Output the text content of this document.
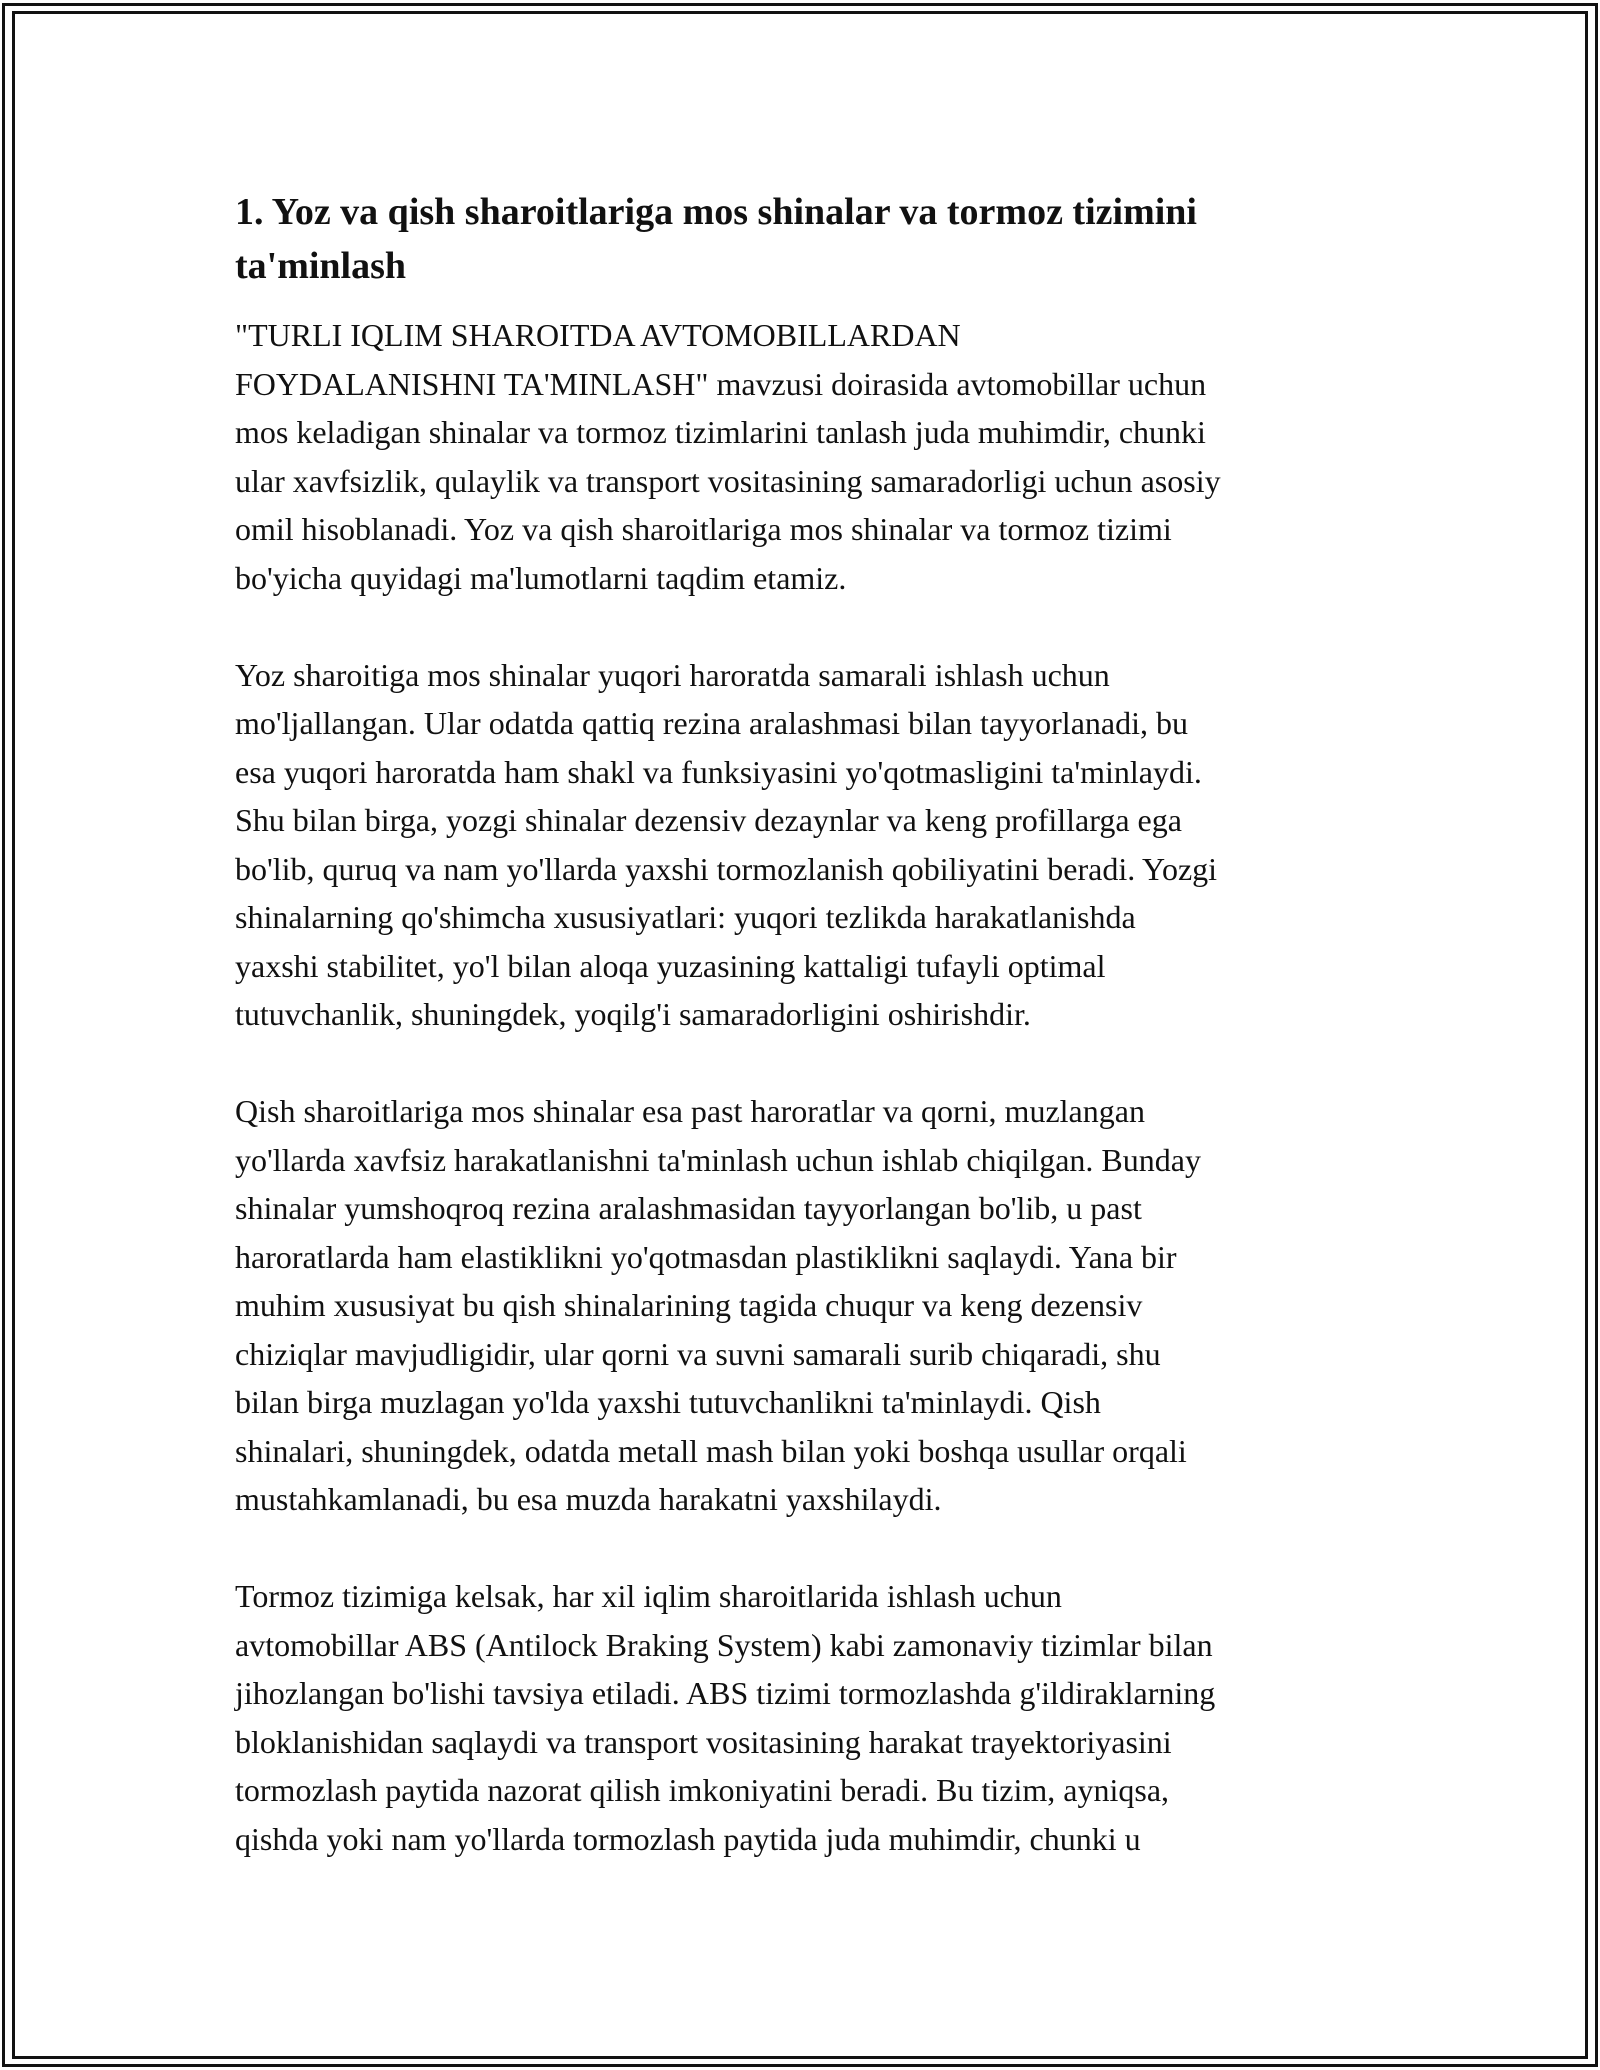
1. Yoz va qish sharoitlariga mos shinalar va tormoz tizimini
ta'minlash
"TURLI IQLIM SHAROITDA AVTOMOBILLARDAN
FOYDALANISHNI TA'MINLASH" mavzusi doirasida avtomobillar uchun
mos keladigan shinalar va tormoz tizimlarini tanlash juda muhimdir, chunki
ular xavfsizlik, qulaylik va transport vositasining samaradorligi uchun asosiy
omil hisoblanadi. Yoz va qish sharoitlariga mos shinalar va tormoz tizimi
bo'yicha quyidagi ma'lumotlarni taqdim etamiz.

Yoz sharoitiga mos shinalar yuqori haroratda samarali ishlash uchun
mo'ljallangan. Ular odatda qattiq rezina aralashmasi bilan tayyorlanadi, bu
esa yuqori haroratda ham shakl va funksiyasini yo'qotmasligini ta'minlaydi.
Shu bilan birga, yozgi shinalar dezensiv dezaynlar va keng profillarga ega
bo'lib, quruq va nam yo'llarda yaxshi tormozlanish qobiliyatini beradi. Yozgi
shinalarning qo'shimcha xususiyatlari: yuqori tezlikda harakatlanishda
yaxshi stabilitet, yo'l bilan aloqa yuzasining kattaligi tufayli optimal
tutuvchanlik, shuningdek, yoqilg'i samaradorligini oshirishdir.

Qish sharoitlariga mos shinalar esa past haroratlar va qorni, muzlangan
yo'llarda xavfsiz harakatlanishni ta'minlash uchun ishlab chiqilgan. Bunday
shinalar yumshoqroq rezina aralashmasidan tayyorlangan bo'lib, u past
haroratlarda ham elastiklikni yo'qotmasdan plastiklikni saqlaydi. Yana bir
muhim xususiyat bu qish shinalarining tagida chuqur va keng dezensiv
chiziqlar mavjudligidir, ular qorni va suvni samarali surib chiqaradi, shu
bilan birga muzlagan yo'lda yaxshi tutuvchanlikni ta'minlaydi. Qish
shinalari, shuningdek, odatda metall mash bilan yoki boshqa usullar orqali
mustahkamlanadi, bu esa muzda harakatni yaxshilaydi.

Tormoz tizimiga kelsak, har xil iqlim sharoitlarida ishlash uchun
avtomobillar ABS (Antilock Braking System) kabi zamonaviy tizimlar bilan
jihozlangan bo'lishi tavsiya etiladi. ABS tizimi tormozlashda g'ildiraklarning
bloklanishidan saqlaydi va transport vositasining harakat trayektoriyasini
tormozlash paytida nazorat qilish imkoniyatini beradi. Bu tizim, ayniqsa,
qishda yoki nam yo'llarda tormozlash paytida juda muhimdir, chunki u
